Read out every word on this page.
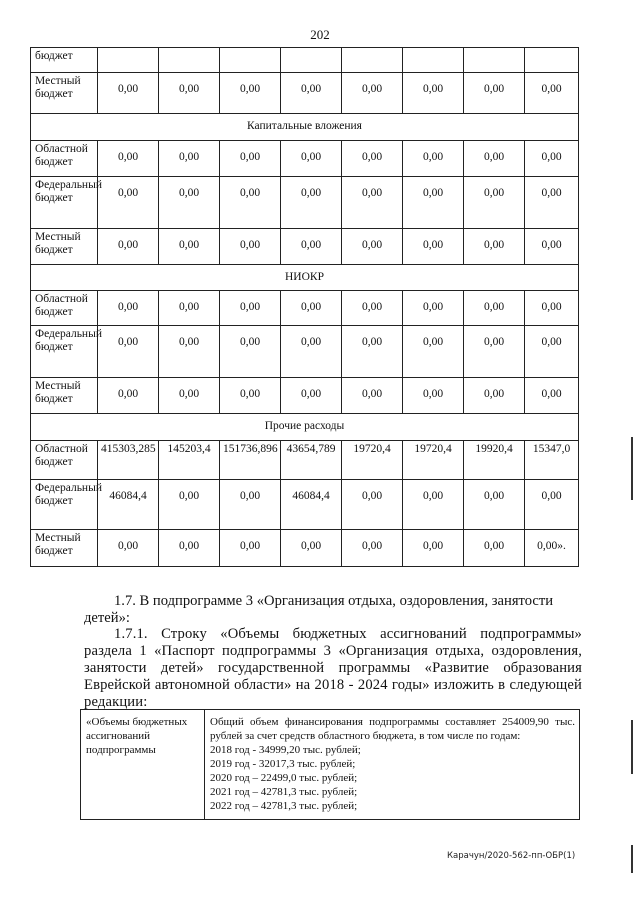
202
бюджет								
Местный бюджет	0,00	0,00	0,00	0,00	0,00	0,00	0,00	0,00
Капитальные вложения								
Областной бюджет	0,00	0,00	0,00	0,00	0,00	0,00	0,00	0,00
Федеральный бюджет	0,00	0,00	0,00	0,00	0,00	0,00	0,00	0,00
Местный бюджет	0,00	0,00	0,00	0,00	0,00	0,00	0,00	0,00
НИОКР								
Областной бюджет	0,00	0,00	0,00	0,00	0,00	0,00	0,00	0,00
Федеральный бюджет	0,00	0,00	0,00	0,00	0,00	0,00	0,00	0,00
Местный бюджет	0,00	0,00	0,00	0,00	0,00	0,00	0,00	0,00
Прочие расходы								
Областной бюджет	415303,285	145203,4	151736,896	43654,789	19720,4	19720,4	19920,4	15347,0
Федеральный бюджет	46084,4	0,00	0,00	46084,4	0,00	0,00	0,00	0,00
Местный бюджет	0,00	0,00	0,00	0,00	0,00	0,00	0,00	0,00».
1.7. В подпрограмме 3 «Организация отдыха, оздоровления, занятости детей»:
1.7.1. Строку «Объемы бюджетных ассигнований подпрограммы» раздела 1 «Паспорт подпрограммы 3 «Организация отдыха, оздоровления, занятости детей» государственной программы «Развитие образования Еврейской автономной области» на 2018 - 2024 годы» изложить в следующей редакции:
«Объемы бюджетных ассигнований подпрограммы	
Общий объем финансирования подпрограммы составляет 254009,90 тыс. рублей за счет средств областного бюджета, в том числе по годам:
2018 год - 34999,20 тыс. рублей;
2019 год - 32017,3 тыс. рублей;
2020 год – 22499,0 тыс. рублей;
2021 год – 42781,3 тыс. рублей;
2022 год – 42781,3 тыс. рублей;
Карачун/2020-562-пп-ОБР(1)
